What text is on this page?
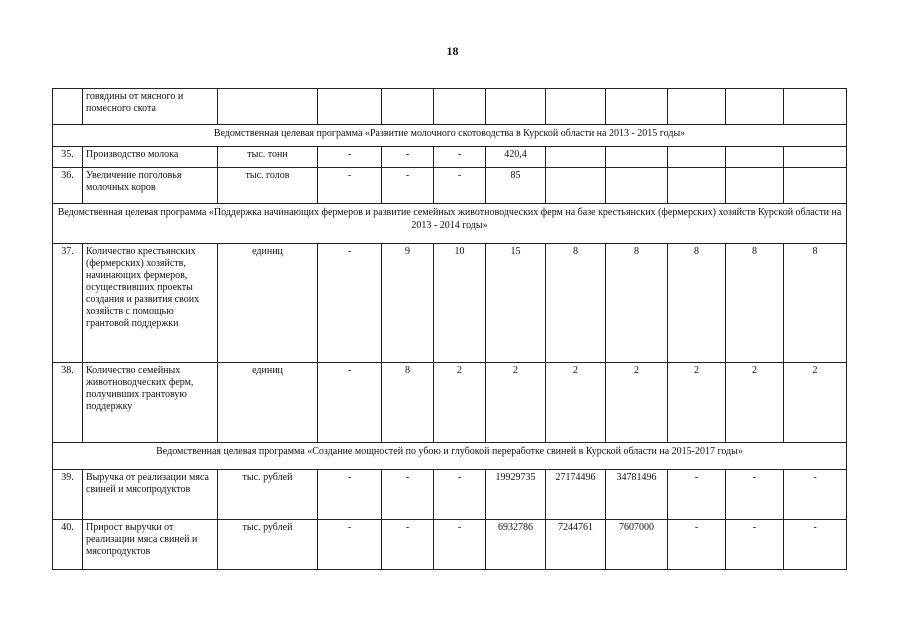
18
	говядины от мясного и помесного скота										
Ведомственная целевая программа «Развитие молочного скотоводства в Курской области на 2013 - 2015 годы»											
35.	Производство молока	тыс. тонн	-	-	-	420,4					
36.	Увеличение поголовья молочных коров	тыс. голов	-	-	-	85					
Ведомственная целевая программа «Поддержка начинающих фермеров и развитие семейных животноводческих ферм на базе крестьянских (фермерских) хозяйств Курской области на 2013 - 2014 годы»											
37.	Количество крестьянских (фермерских) хозяйств, начинающих фермеров, осуществивших проекты создания и развития своих хозяйств с помощью грантовой поддержки	единиц	-	9	10	15	8	8	8	8	8
38.	Количество семейных животноводческих ферм, получивших грантовую поддержку	единиц	-	8	2	2	2	2	2	2	2
Ведомственная целевая программа «Создание мощностей по убою и глубокой переработке свиней в Курской области на 2015-2017 годы»											
39.	Выручка от реализации мяса свиней и мясопродуктов	тыс. рублей	-	-	-	19929735	27174496	34781496	-	-	-
40.	Прирост выручки от реализации мяса свиней и мясопродуктов	тыс. рублей	-	-	-	6932786	7244761	7607000	-	-	-
